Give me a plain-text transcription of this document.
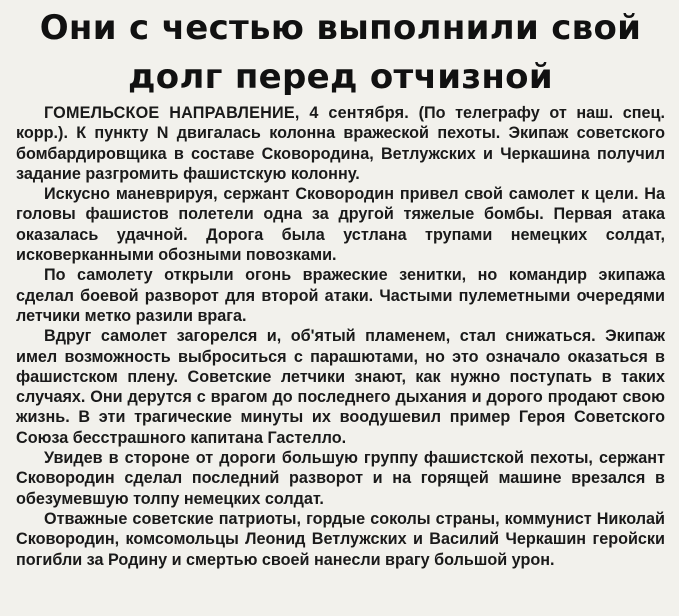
Они с честью выполнили свой
долг перед отчизной

ГОМЕЛЬСКОЕ НАПРАВЛЕНИЕ, 4 сентября. (По телеграфу от наш. спец. корр.). К пункту N двигалась колонна вражеской пехоты. Экипаж советского бомбардировщика в составе Сковородина, Ветлужских и Черкашина получил задание разгромить фашистскую колонну.

Искусно маневрируя, сержант Сковородин привел свой самолет к цели. На головы фашистов полетели одна за другой тяжелые бомбы. Первая атака оказалась удачной. Дорога была устлана трупами немецких солдат, исковерканными обозными повозками.

По самолету открыли огонь вражеские зенитки, но командир экипажа сделал боевой разворот для второй атаки. Частыми пулеметными очередями летчики метко разили врага.

Вдруг самолет загорелся и, об'ятый пламенем, стал снижаться. Экипаж имел возможность выброситься с парашютами, но это означало оказаться в фашистском плену. Советские летчики знают, как нужно поступать в таких случаях. Они дерутся с врагом до последнего дыхания и дорого продают свою жизнь. В эти трагические минуты их воодушевил пример Героя Советского Союза бесстрашного капитана Гастелло.

Увидев в стороне от дороги большую группу фашистской пехоты, сержант Сковородин сделал последний разворот и на горящей машине врезался в обезумевшую толпу немецких солдат.

Отважные советские патриоты, гордые соколы страны, коммунист Николай Сковородин, комсомольцы Леонид Ветлужских и Василий Черкашин геройски погибли за Родину и смертью своей нанесли врагу большой урон.
